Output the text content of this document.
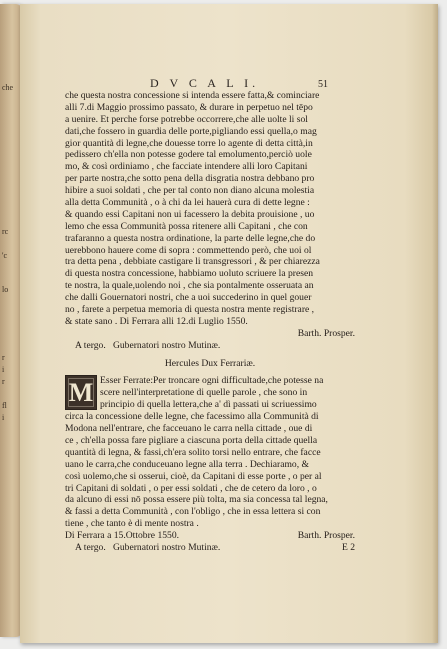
che
rc
'c
lo
r
i
r
fl
i
D V C A L I.	51
che questa nostra concessione si intenda essere fatta,& cominciare
alli 7.di Maggio prossimo passato, & durare in perpetuo nel tēpo
a uenire. Et perche forse potrebbe occorrere,che alle uolte li sol
dati,che fossero in guardia delle porte,pigliando essi quella,o mag
gior quantità di legne,che douesse torre lo agente di detta città,in
pedissero ch'ella non potesse godere tal emolumento,perciò uole
mo, & così ordiniamo , che facciate intendere alli loro Capitani
per parte nostra,che sotto pena della disgratia nostra debbano pro
hibire a suoi soldati , che per tal conto non diano alcuna molestia
alla detta Communità , o à chi da lei hauerà cura di dette legne :
& quando essi Capitani non ui facessero la debita prouisione , uo
lemo che essa Communità possa ritenere alli Capitani , che con
trafaranno a questa nostra ordinatione, la parte delle legne,che do
uerebbono hauere come di sopra : commettendo però, che uoi ol
tra detta pena , debbiate castigare li transgressori , & per chiarezza
di questa nostra concessione, habbiamo uoluto scriuere la presen
te nostra, la quale,uolendo noi , che sia pontalmente osseruata an
che dalli Gouernatori nostri, che a uoi succederino in quel gouer
no , farete a perpetua memoria di questa nostra mente registrare ,
& state sano . Di Ferrara alli 12.di Luglio 1550.
Barth. Prosper.
A tergo. Gubernatori nostro Mutinæ.
Hercules Dux Ferrariæ.
M Esser Ferrate:Per troncare ogni difficultade,che potesse na
scere nell'interpretatione di quelle parole , che sono in
principio di quella lettera,che a' dì passati ui scriuessimo
circa la concessione delle legne, che facessimo alla Communità di
Modona nell'entrare, che facceuano le carra nella cittade , oue di
ce , ch'ella possa fare pigliare a ciascuna porta della cittade quella
quantità di legna, & fassi,ch'era solito torsi nello entrare, che facce
uano le carra,che conduceuano legne alla terra . Dechiaramo, &
così uolemo,che si osserui, cioè, da Capitani di esse porte , o per al
tri Capitani di soldati , o per essi soldati , che de cetero da loro , o
da alcuno di essi nō possa essere più tolta, ma sia concessa tal legna,
& fassi a detta Communità , con l'obligo , che in essa lettera si con
tiene , che tanto è di mente nostra .
Di Ferrara a 15.Ottobre 1550.	Barth. Prosper.
A tergo. Gubernatori nostro Mutinæ.	E 2
